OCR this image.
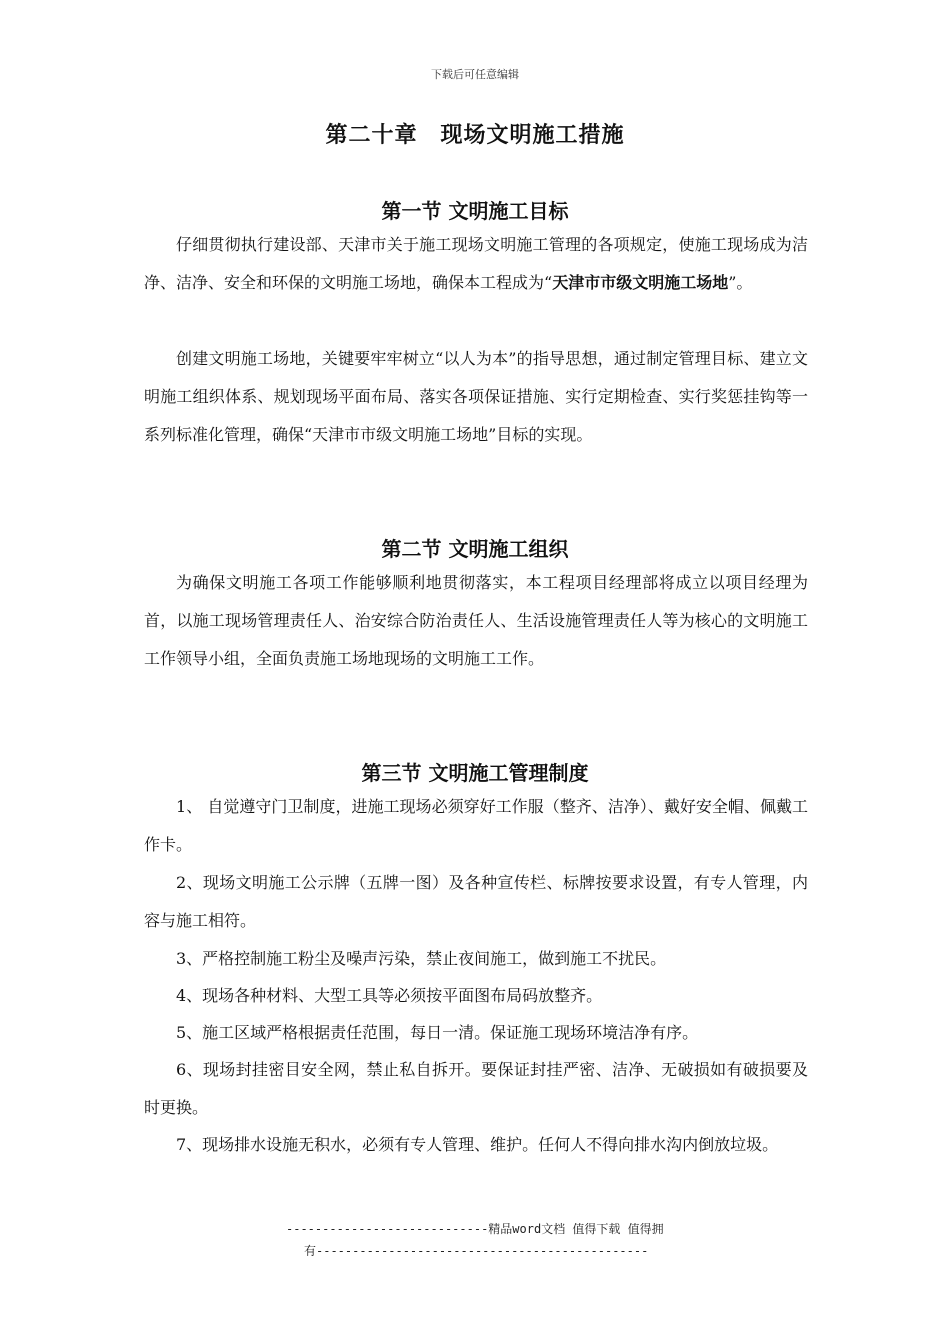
下载后可任意编辑
第二十章　现场文明施工措施
第一节 文明施工目标

仔细贯彻执行建设部、天津市关于施工现场文明施工管理的各项规定，使施工现场成为洁净、洁净、安全和环保的文明施工场地，确保本工程成为“天津市市级文明施工场地”。

创建文明施工场地，关键要牢牢树立“以人为本”的指导思想，通过制定管理目标、建立文明施工组织体系、规划现场平面布局、落实各项保证措施、实行定期检查、实行奖惩挂钩等一系列标准化管理，确保“天津市市级文明施工场地”目标的实现。

第二节 文明施工组织

为确保文明施工各项工作能够顺利地贯彻落实，本工程项目经理部将成立以项目经理为首，以施工现场管理责任人、治安综合防治责任人、生活设施管理责任人等为核心的文明施工工作领导小组，全面负责施工场地现场的文明施工工作。

第三节 文明施工管理制度

1、 自觉遵守门卫制度，进施工现场必须穿好工作服（整齐、洁净）、戴好安全帽、佩戴工作卡。

2、现场文明施工公示牌（五牌一图）及各种宣传栏、标牌按要求设置，有专人管理，内容与施工相符。

3、严格控制施工粉尘及噪声污染，禁止夜间施工，做到施工不扰民。

4、现场各种材料、大型工具等必须按平面图布局码放整齐。

5、施工区域严格根据责任范围，每日一清。保证施工现场环境洁净有序。

6、现场封挂密目安全网，禁止私自拆开。要保证封挂严密、洁净、无破损如有破损要及时更换。

7、现场排水设施无积水，必须有专人管理、维护。任何人不得向排水沟内倒放垃圾。

----------------------------精品word文档 值得下载 值得拥
有----------------------------------------------
